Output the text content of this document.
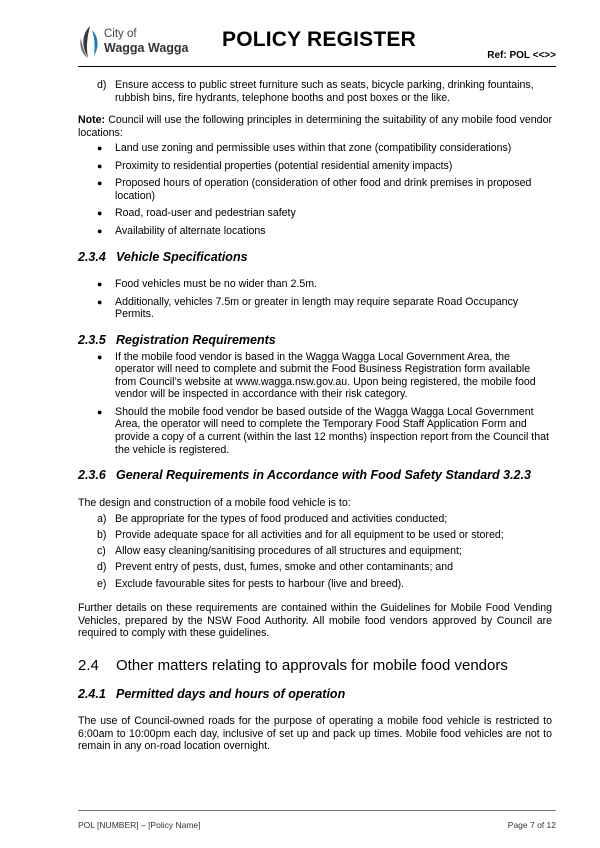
City of
Wagga Wagga POLICY REGISTER
Ref: POL <<>>
d) Ensure access to public street furniture such as seats, bicycle parking, drinking fountains, rubbish bins, fire hydrants, telephone booths and post boxes or the like.

Note: Council will use the following principles in determining the suitability of any mobile food vendor locations:

● Land use zoning and permissible uses within that zone (compatibility considerations)
● Proximity to residential properties (potential residential amenity impacts)
● Proposed hours of operation (consideration of other food and drink premises in proposed location)
● Road, road-user and pedestrian safety
● Availability of alternate locations
2.3.4 Vehicle Specifications
● Food vehicles must be no wider than 2.5m.
● Additionally, vehicles 7.5m or greater in length may require separate Road Occupancy Permits.
2.3.5 Registration Requirements
● If the mobile food vendor is based in the Wagga Wagga Local Government Area, the operator will need to complete and submit the Food Business Registration form available from Council’s website at www.wagga.nsw.gov.au. Upon being registered, the mobile food vendor will be inspected in accordance with their risk category.
● Should the mobile food vendor be based outside of the Wagga Wagga Local Government Area, the operator will need to complete the Temporary Food Staff Application Form and provide a copy of a current (within the last 12 months) inspection report from the Council that the vehicle is registered.
2.3.6 General Requirements in Accordance with Food Safety Standard 3.2.3

The design and construction of a mobile food vehicle is to:

a) Be appropriate for the types of food produced and activities conducted;
b) Provide adequate space for all activities and for all equipment to be used or stored;
c) Allow easy cleaning/sanitising procedures of all structures and equipment;
d) Prevent entry of pests, dust, fumes, smoke and other contaminants; and
e) Exclude favourable sites for pests to harbour (live and breed).

Further details on these requirements are contained within the Guidelines for Mobile Food Vending Vehicles, prepared by the NSW Food Authority. All mobile food vendors approved by Council are required to comply with these guidelines.

2.4 Other matters relating to approvals for mobile food vendors
2.4.1 Permitted days and hours of operation

The use of Council-owned roads for the purpose of operating a mobile food vehicle is restricted to 6:00am to 10:00pm each day, inclusive of set up and pack up times. Mobile food vehicles are not to remain in any on-road location overnight.

POL [NUMBER] – [Policy Name]	Page 7 of 12
